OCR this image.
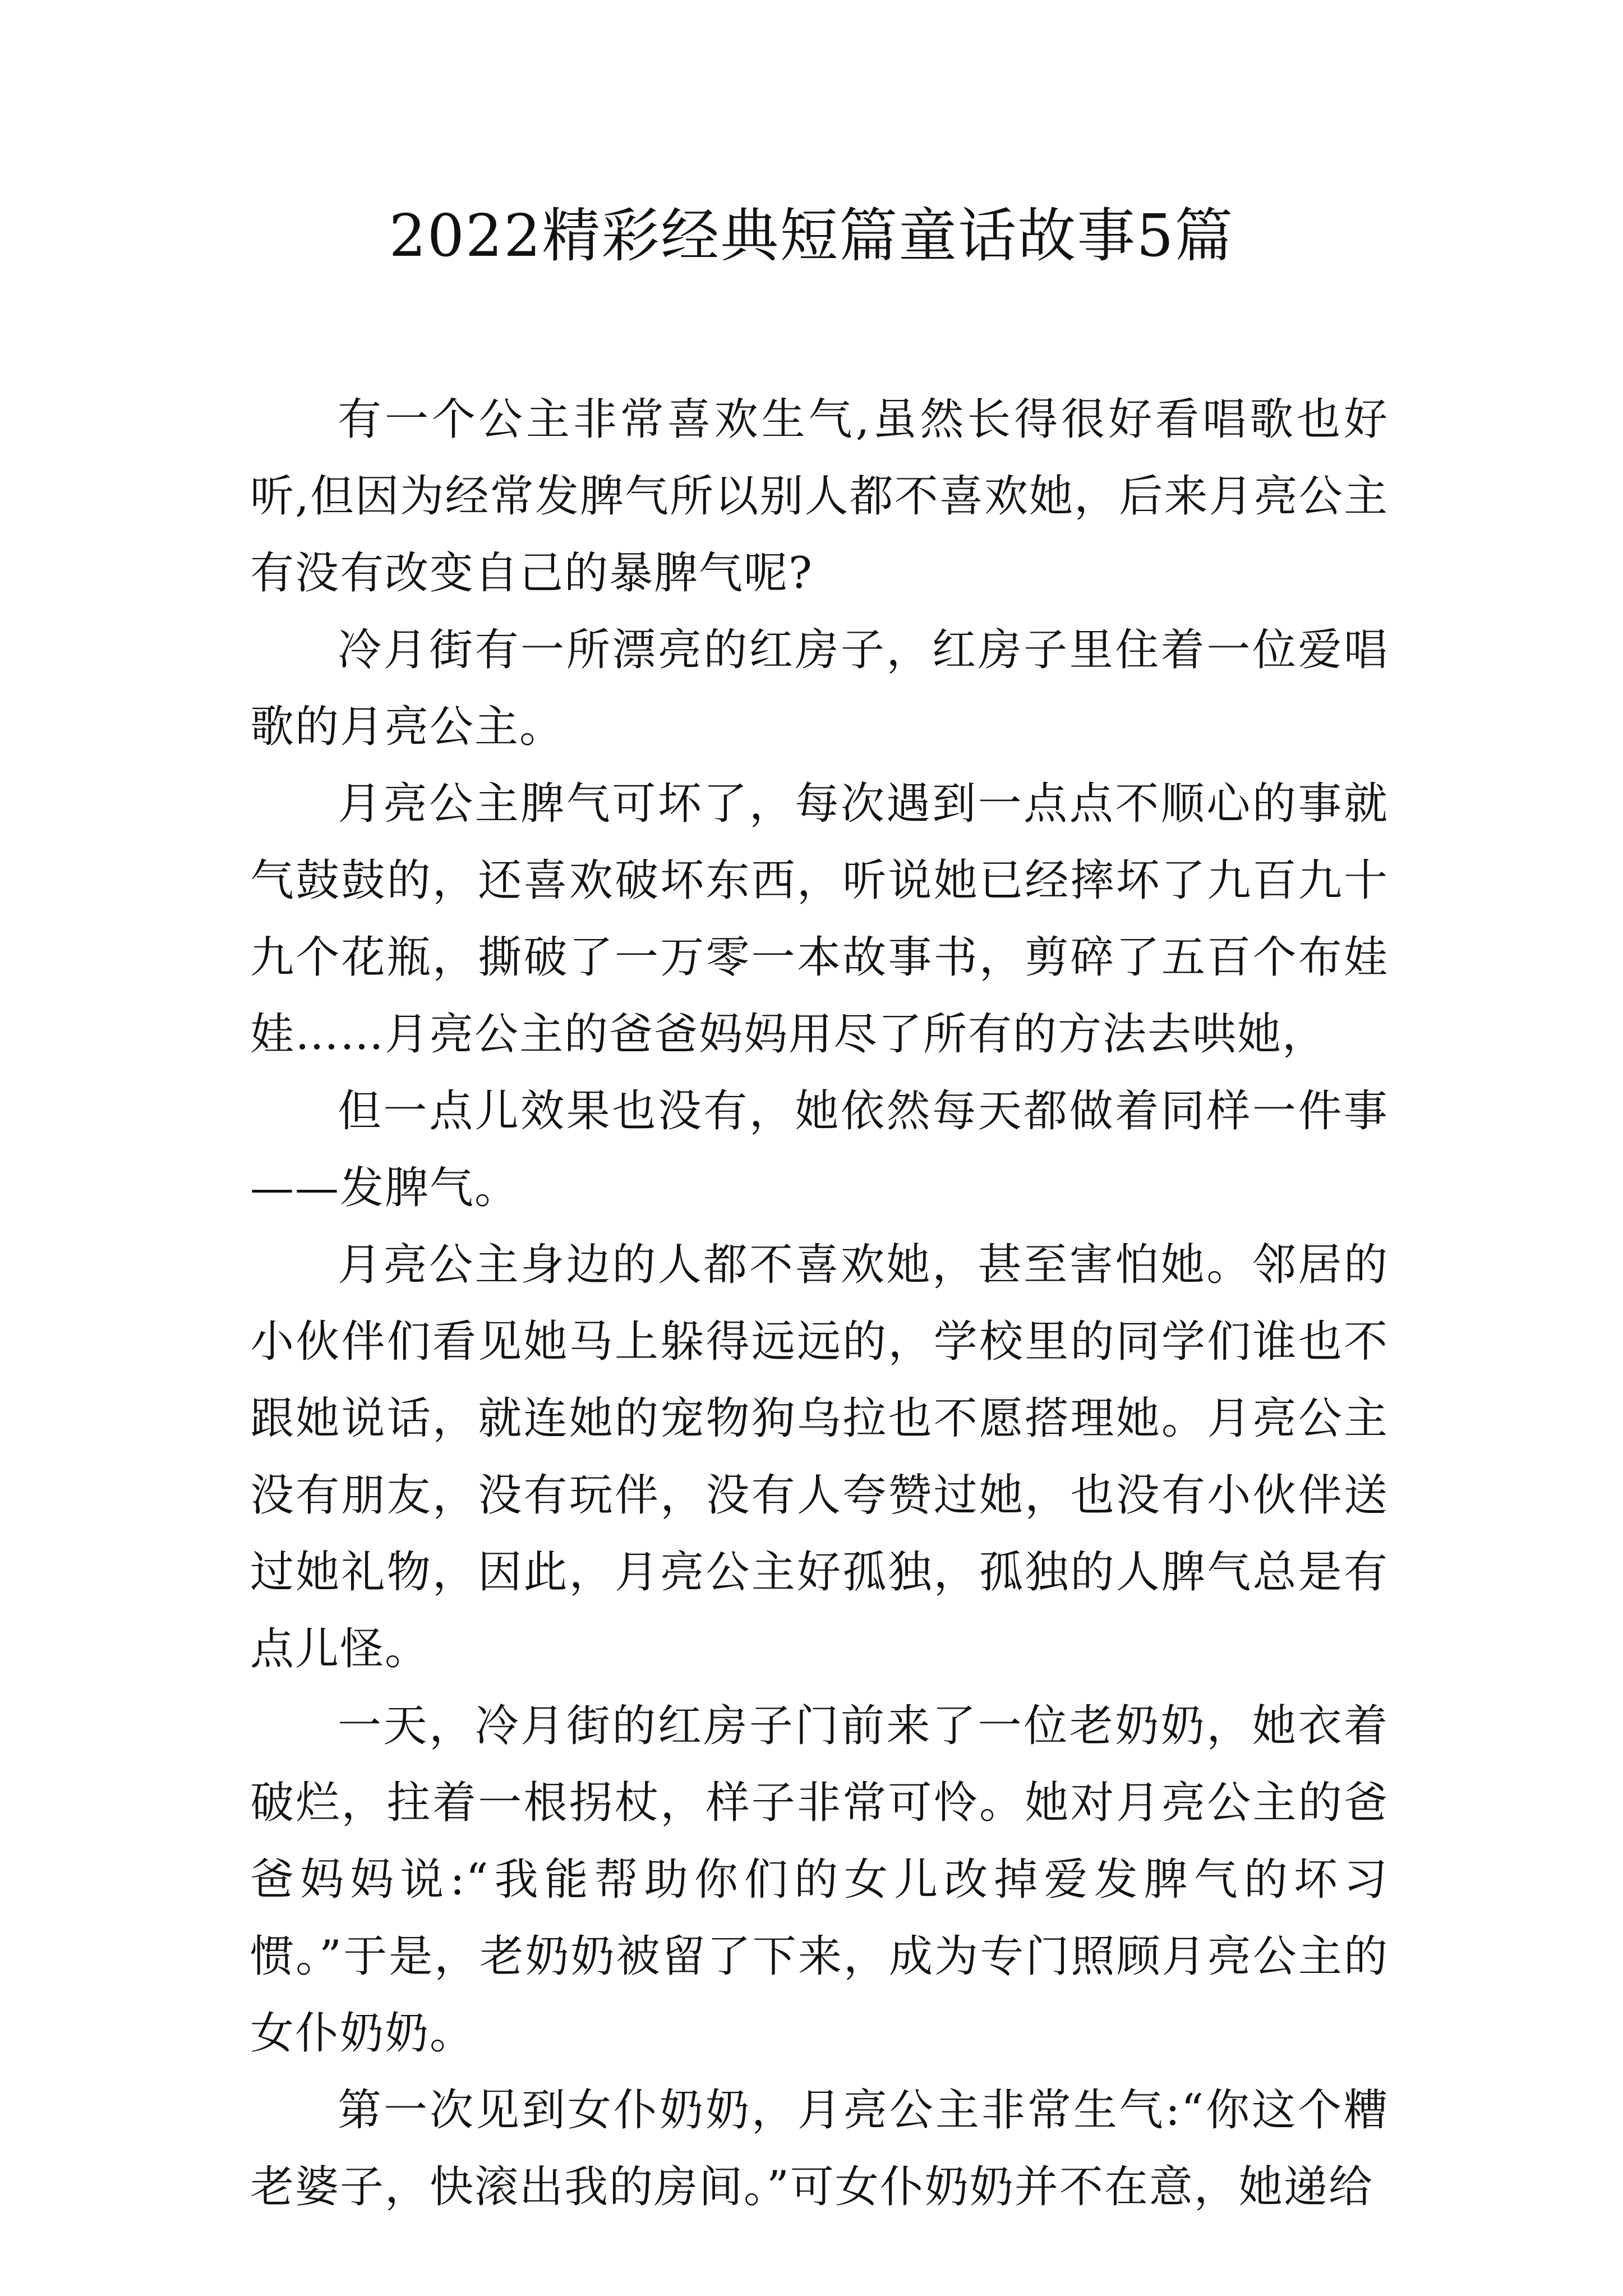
2022精彩经典短篇童话故事5篇

有一个公主非常喜欢生气,虽然长得很好看唱歌也好听,但因为经常发脾气所以别人都不喜欢她，后来月亮公主有没有改变自己的暴脾气呢?

冷月街有一所漂亮的红房子，红房子里住着一位爱唱歌的月亮公主。

月亮公主脾气可坏了，每次遇到一点点不顺心的事就气鼓鼓的，还喜欢破坏东西，听说她已经摔坏了九百九十九个花瓶，撕破了一万零一本故事书，剪碎了五百个布娃娃……月亮公主的爸爸妈妈用尽了所有的方法去哄她，

但一点儿效果也没有，她依然每天都做着同样一件事——发脾气。

月亮公主身边的人都不喜欢她，甚至害怕她。邻居的小伙伴们看见她马上躲得远远的，学校里的同学们谁也不跟她说话，就连她的宠物狗乌拉也不愿搭理她。月亮公主没有朋友，没有玩伴，没有人夸赞过她，也没有小伙伴送过她礼物，因此，月亮公主好孤独，孤独的人脾气总是有点儿怪。

一天，冷月街的红房子门前来了一位老奶奶，她衣着破烂，拄着一根拐杖，样子非常可怜。她对月亮公主的爸爸妈妈说:“我能帮助你们的女儿改掉爱发脾气的坏习惯。”于是，老奶奶被留了下来，成为专门照顾月亮公主的女仆奶奶。

第一次见到女仆奶奶，月亮公主非常生气:“你这个糟老婆子，快滚出我的房间。”可女仆奶奶并不在意，她递给
